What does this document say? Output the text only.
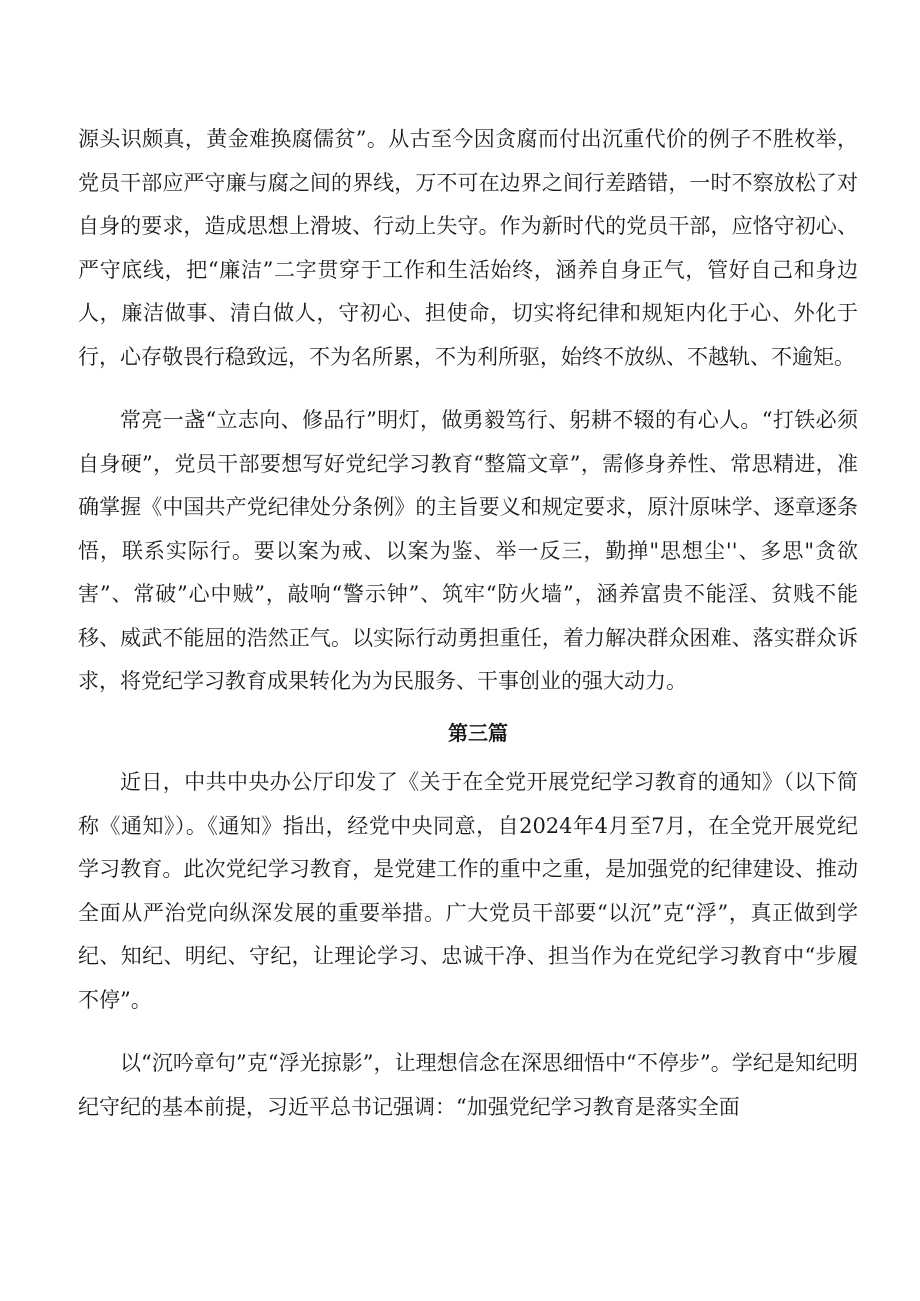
源头识颇真，黄金难换腐儒贫”。从古至今因贪腐而付出沉重代价的例子不胜枚举，党员干部应严守廉与腐之间的界线，万不可在边界之间行差踏错，一时不察放松了对自身的要求，造成思想上滑坡、行动上失守。作为新时代的党员干部，应恪守初心、严守底线，把“廉洁”二字贯穿于工作和生活始终，涵养自身正气，管好自己和身边人，廉洁做事、清白做人，守初心、担使命，切实将纪律和规矩内化于心、外化于行，心存敬畏行稳致远，不为名所累，不为利所驱，始终不放纵、不越轨、不逾矩。

常亮一盏“立志向、修品行”明灯，做勇毅笃行、躬耕不辍的有心人。“打铁必须自身硬”，党员干部要想写好党纪学习教育“整篇文章”，需修身养性、常思精进，准确掌握《中国共产党纪律处分条例》的主旨要义和规定要求，原汁原味学、逐章逐条悟，联系实际行。要以案为戒、以案为鉴、举一反三，勤掸"思想尘''、多思"贪欲害”、常破”心中贼”，敲响“警示钟”、筑牢“防火墙”，涵养富贵不能淫、贫贱不能移、威武不能屈的浩然正气。以实际行动勇担重任，着力解决群众困难、落实群众诉求，将党纪学习教育成果转化为为民服务、干事创业的强大动力。

第三篇

近日，中共中央办公厅印发了《关于在全党开展党纪学习教育的通知》（以下简称《通知》）。《通知》指出，经党中央同意，自2024年4月至7月，在全党开展党纪学习教育。此次党纪学习教育，是党建工作的重中之重，是加强党的纪律建设、推动全面从严治党向纵深发展的重要举措。广大党员干部要“以沉”克“浮”，真正做到学纪、知纪、明纪、守纪，让理论学习、忠诚干净、担当作为在党纪学习教育中“步履不停”。

以“沉吟章句”克“浮光掠影”，让理想信念在深思细悟中“不停步”。学纪是知纪明纪守纪的基本前提，习近平总书记强调：“加强党纪学习教育是落实全面
